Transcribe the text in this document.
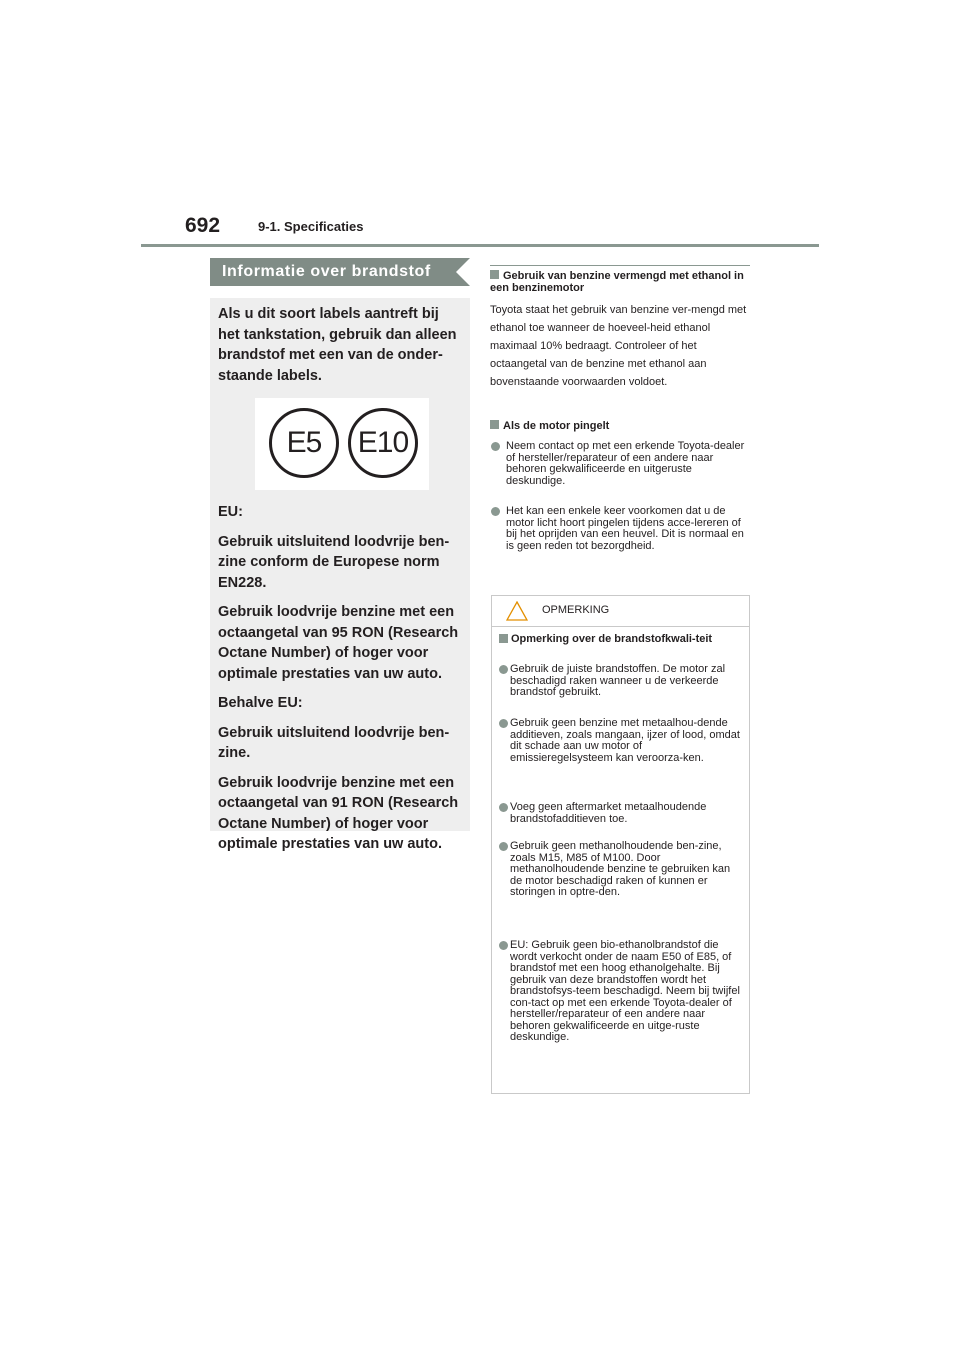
692	9-1. Specificaties
Informatie over brandstof

Als u dit soort labels aantreft bij het tankstation, gebruik dan alleen brandstof met een van de onder-staande labels.

E5	E10

EU:

Gebruik uitsluitend loodvrije ben-zine conform de Europese norm EN228.

Gebruik loodvrije benzine met een octaangetal van 95 RON (Research Octane Number) of hoger voor optimale prestaties van uw auto.

Behalve EU:

Gebruik uitsluitend loodvrije ben-zine.

Gebruik loodvrije benzine met een octaangetal van 91 RON (Research Octane Number) of hoger voor optimale prestaties van uw auto.

Gebruik van benzine vermengd met ethanol in een benzinemotor
Toyota staat het gebruik van benzine ver-mengd met ethanol toe wanneer de hoeveel-heid ethanol maximaal 10% bedraagt. Controleer of het octaangetal van de benzine met ethanol aan bovenstaande voorwaarden voldoet.
Als de motor pingelt
Neem contact op met een erkende Toyota-dealer of hersteller/reparateur of een andere naar behoren gekwalificeerde en uitgeruste deskundige.
Het kan een enkele keer voorkomen dat u de motor licht hoort pingelen tijdens acce-lereren of bij het oprijden van een heuvel. Dit is normaal en is geen reden tot bezorgdheid.
OPMERKING
Opmerking over de brandstofkwali-teit
Gebruik de juiste brandstoffen. De motor zal beschadigd raken wanneer u de verkeerde brandstof gebruikt.
Gebruik geen benzine met metaalhou-dende additieven, zoals mangaan, ijzer of lood, omdat dit schade aan uw motor of emissieregelsysteem kan veroorza-ken.
Voeg geen aftermarket metaalhoudende brandstofadditieven toe.
Gebruik geen methanolhoudende ben-zine, zoals M15, M85 of M100. Door methanolhoudende benzine te gebruiken kan de motor beschadigd raken of kunnen er storingen in optre-den.
EU: Gebruik geen bio-ethanolbrandstof die wordt verkocht onder de naam E50 of E85, of brandstof met een hoog ethanolgehalte. Bij gebruik van deze brandstoffen wordt het brandstofsys-teem beschadigd. Neem bij twijfel con-tact op met een erkende Toyota-dealer of hersteller/reparateur of een andere naar behoren gekwalificeerde en uitge-ruste deskundige.
